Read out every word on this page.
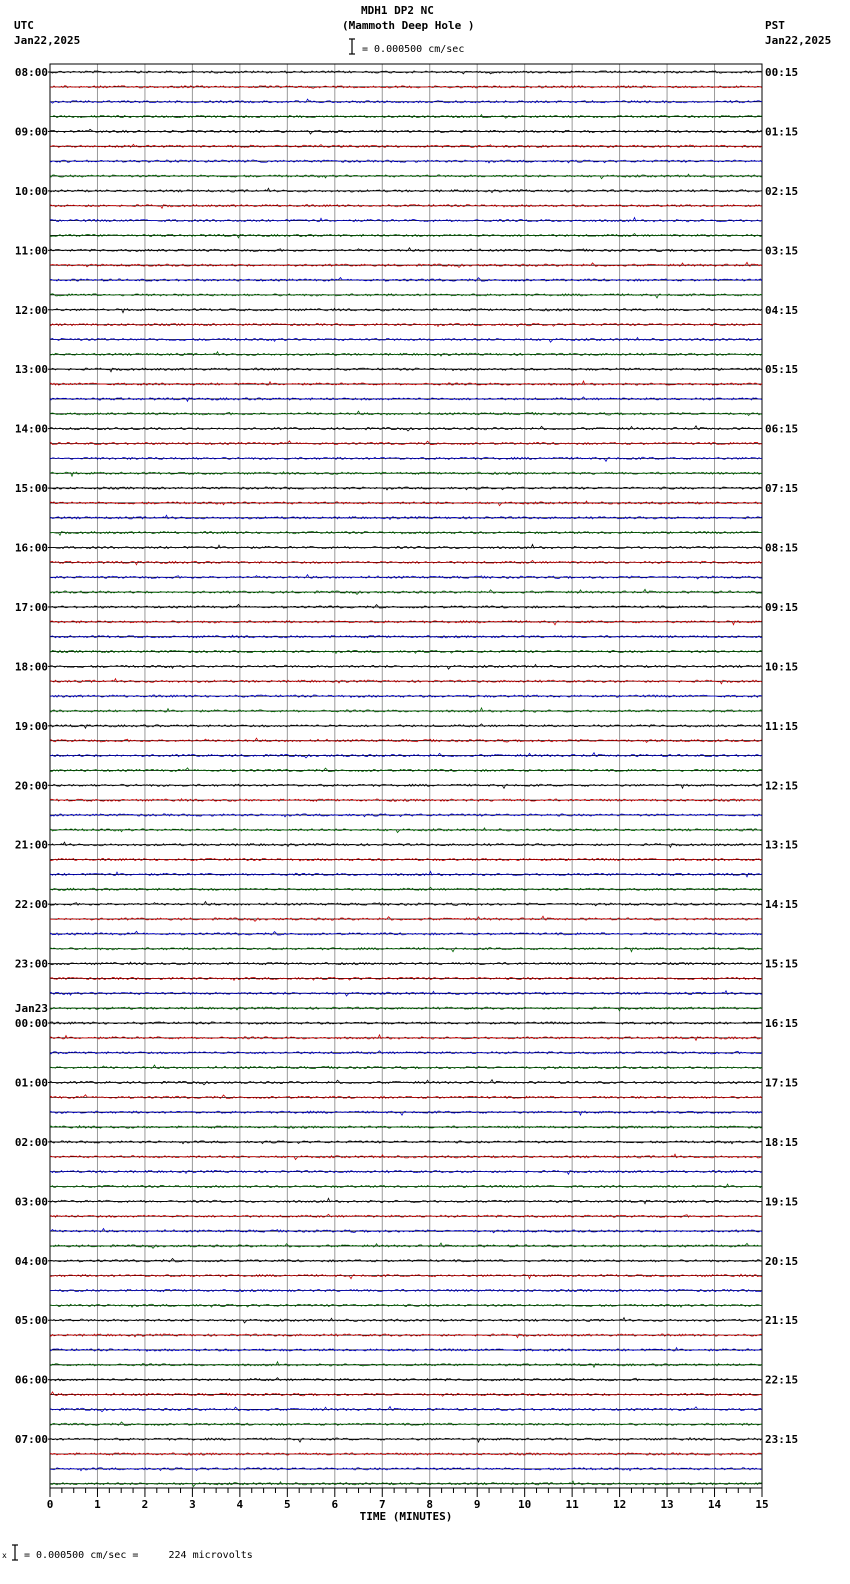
MDH1 DP2 NC
(Mammoth Deep Hole )
UTC
Jan22,2025
PST
Jan22,2025
= 0.000500 cm/sec
08:00
09:00
10:00
11:00
12:00
13:00
14:00
15:00
16:00
17:00
18:00
19:00
20:00
21:00
22:00
23:00
00:00
Jan23
01:00
02:00
03:00
04:00
05:00
06:00
07:00
00:15
01:15
02:15
03:15
04:15
05:15
06:15
07:15
08:15
09:15
10:15
11:15
12:15
13:15
14:15
15:15
16:15
17:15
18:15
19:15
20:15
21:15
22:15
23:15
0	1	2	3	4	5	6	7	8	9	10	11	12	13	14	15
TIME (MINUTES)
x = 0.000500 cm/sec =     224 microvolts
